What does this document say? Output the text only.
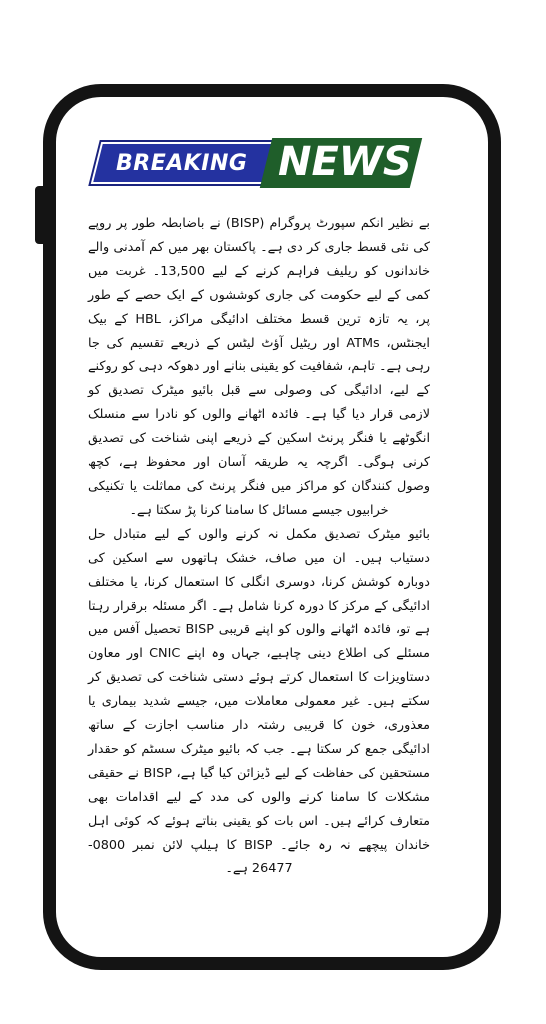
BREAKING NEWS

بے نظیر انکم سپورٹ پروگرام (BISP) نے باضابطہ طور پر روپے کی نئی قسط جاری کر دی ہے۔ پاکستان بھر میں کم آمدنی والے خاندانوں کو ریلیف فراہم کرنے کے لیے 13,500۔ غربت میں کمی کے لیے حکومت کی جاری کوششوں کے ایک حصے کے طور پر، یہ تازہ ترین قسط مختلف ادائیگی مراکز، HBL کے بیک ایجنٹس، ATMs اور ریٹیل آؤٹ لیٹس کے ذریعے تقسیم کی جا رہی ہے۔ تاہم، شفافیت کو یقینی بنانے اور دھوکہ دہی کو روکنے کے لیے، ادائیگی کی وصولی سے قبل بائیو میٹرک تصدیق کو لازمی قرار دیا گیا ہے۔ فائدہ اٹھانے والوں کو نادرا سے منسلک انگوٹھے یا فنگر پرنٹ اسکین کے ذریعے اپنی شناخت کی تصدیق کرنی ہوگی۔ اگرچہ یہ طریقہ آسان اور محفوظ ہے، کچھ وصول کنندگان کو مراکز میں فنگر پرنٹ کی مماثلت یا تکنیکی خرابیوں جیسے مسائل کا سامنا کرنا پڑ سکتا ہے۔

بائیو میٹرک تصدیق مکمل نہ کرنے والوں کے لیے متبادل حل دستیاب ہیں۔ ان میں صاف، خشک ہاتھوں سے اسکین کی دوبارہ کوشش کرنا، دوسری انگلی کا استعمال کرنا، یا مختلف ادائیگی کے مرکز کا دورہ کرنا شامل ہے۔ اگر مسئلہ برقرار رہتا ہے تو، فائدہ اٹھانے والوں کو اپنے قریبی BISP تحصیل آفس میں مسئلے کی اطلاع دینی چاہیے، جہاں وہ اپنے CNIC اور معاون دستاویزات کا استعمال کرتے ہوئے دستی شناخت کی تصدیق کر سکتے ہیں۔ غیر معمولی معاملات میں، جیسے شدید بیماری یا معذوری، خون کا قریبی رشتہ دار مناسب اجازت کے ساتھ ادائیگی جمع کر سکتا ہے۔ جب کہ بائیو میٹرک سسٹم کو حقدار مستحقین کی حفاظت کے لیے ڈیزائن کیا گیا ہے، BISP نے حقیقی مشکلات کا سامنا کرنے والوں کی مدد کے لیے اقدامات بھی متعارف کرائے ہیں۔ اس بات کو یقینی بناتے ہوئے کہ کوئی اہل خاندان پیچھے نہ رہ جائے۔ BISP کا ہیلپ لائن نمبر 0800-26477 ہے۔
